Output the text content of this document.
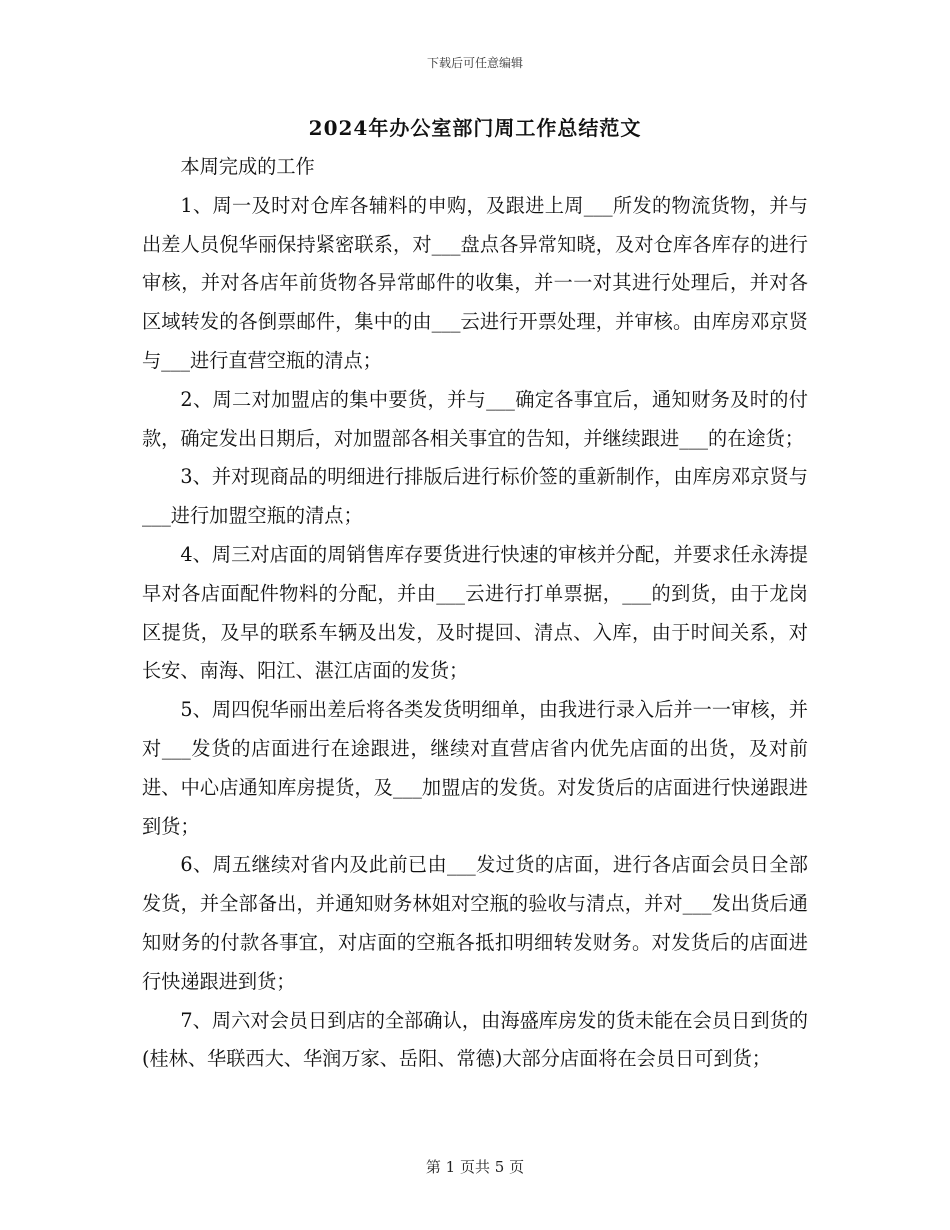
下载后可任意编辑
2024年办公室部门周工作总结范文

本周完成的工作

1、周一及时对仓库各辅料的申购，及跟进上周___所发的物流货物，并与出差人员倪华丽保持紧密联系，对___盘点各异常知晓，及对仓库各库存的进行审核，并对各店年前货物各异常邮件的收集，并一一对其进行处理后，并对各区域转发的各倒票邮件，集中的由___云进行开票处理，并审核。由库房邓京贤与___进行直营空瓶的清点；

2、周二对加盟店的集中要货，并与___确定各事宜后，通知财务及时的付款，确定发出日期后，对加盟部各相关事宜的告知，并继续跟进___的在途货；

3、并对现商品的明细进行排版后进行标价签的重新制作，由库房邓京贤与___进行加盟空瓶的清点；

4、周三对店面的周销售库存要货进行快速的审核并分配，并要求任永涛提早对各店面配件物料的分配，并由___云进行打单票据，___的到货，由于龙岗区提货，及早的联系车辆及出发，及时提回、清点、入库，由于时间关系，对长安、南海、阳江、湛江店面的发货；

5、周四倪华丽出差后将各类发货明细单，由我进行录入后并一一审核，并对___发货的店面进行在途跟进，继续对直营店省内优先店面的出货，及对前进、中心店通知库房提货，及___加盟店的发货。对发货后的店面进行快递跟进到货；

6、周五继续对省内及此前已由___发过货的店面，进行各店面会员日全部发货，并全部备出，并通知财务林姐对空瓶的验收与清点，并对___发出货后通知财务的付款各事宜，对店面的空瓶各抵扣明细转发财务。对发货后的店面进行快递跟进到货；

7、周六对会员日到店的全部确认，由海盛库房发的货未能在会员日到货的(桂林、华联西大、华润万家、岳阳、常德)大部分店面将在会员日可到货；

第 1 页共 5 页
